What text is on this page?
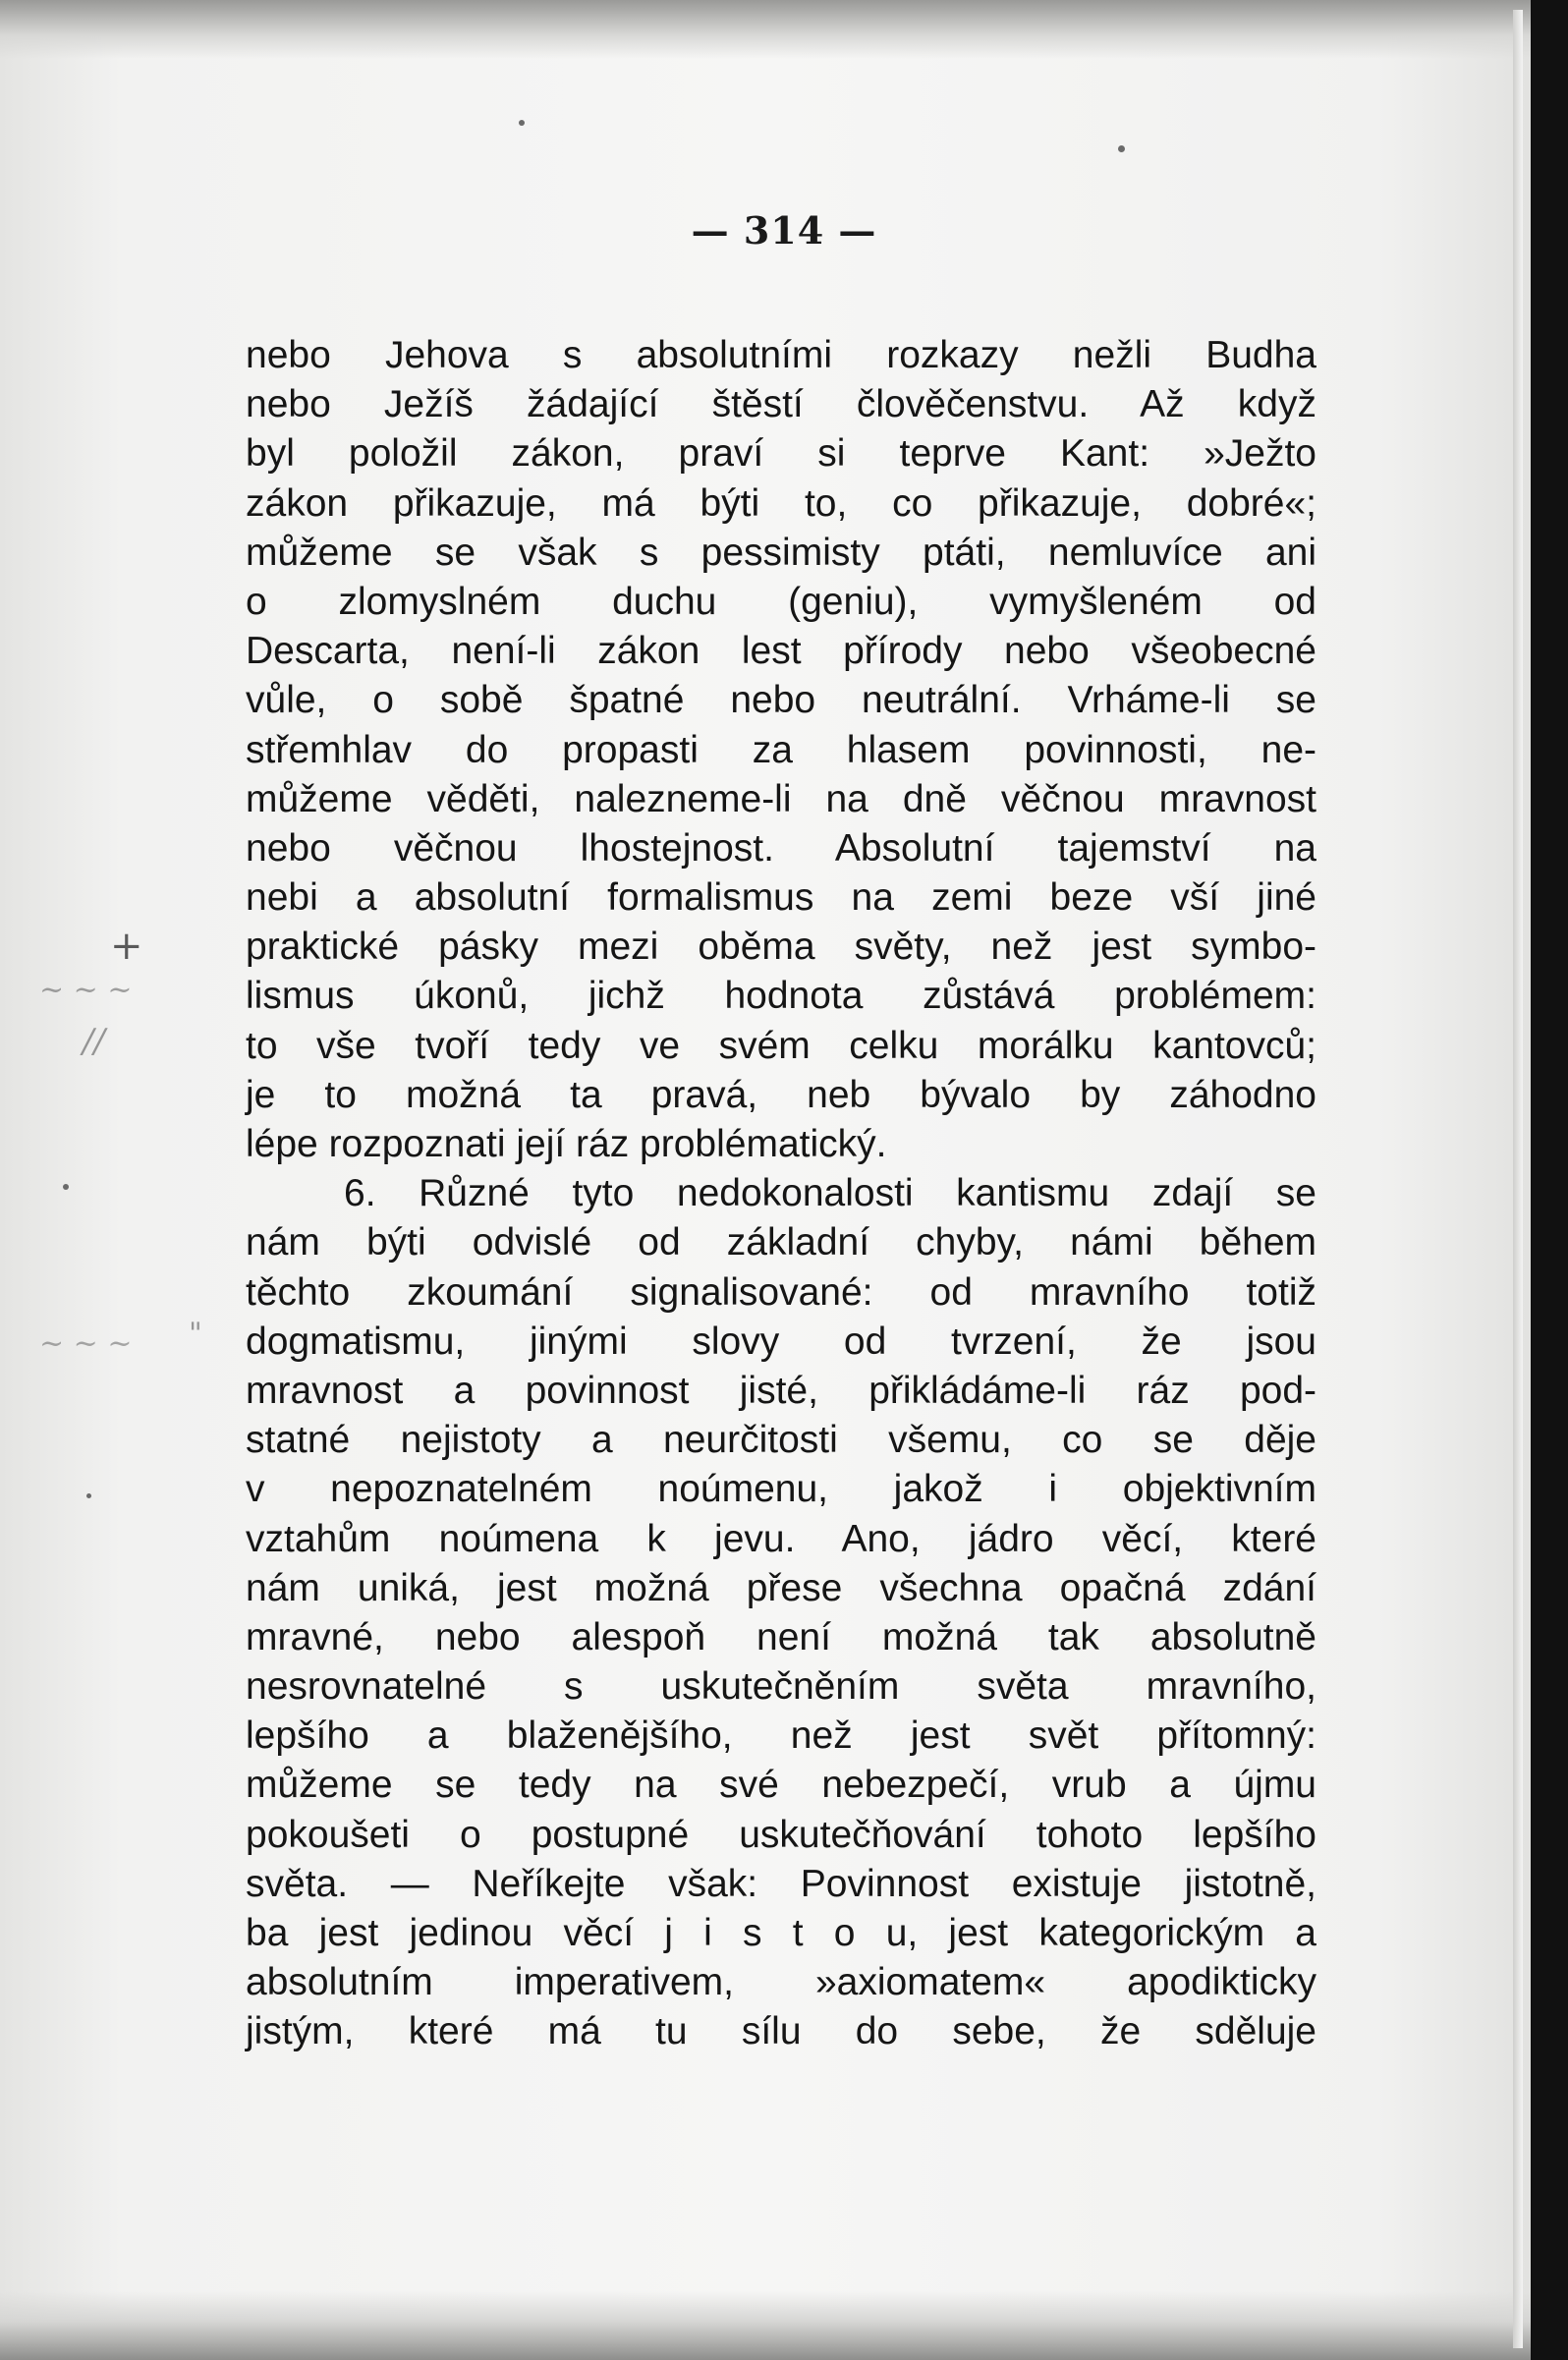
+
~ ~ ~
//
~ ~ ~ "
— 314 —
nebo Jehova s absolutními rozkazy nežli Budha
nebo Ježíš žádající štěstí člověčenstvu. Až když
byl položil zákon, praví si teprve Kant: »Ježto
zákon přikazuje, má býti to, co přikazuje, dobré«;
můžeme se však s pessimisty ptáti, nemluvíce ani
o zlomyslném duchu (geniu), vymyšleném od
Descarta, není-li zákon lest přírody nebo všeobecné
vůle, o sobě špatné nebo neutrální. Vrháme-li se
střemhlav do propasti za hlasem povinnosti, ne-
můžeme věděti, nalezneme-li na dně věčnou mravnost
nebo věčnou lhostejnost. Absolutní tajemství na
nebi a absolutní formalismus na zemi beze vší jiné
praktické pásky mezi oběma světy, než jest symbo-
lismus úkonů, jichž hodnota zůstává problémem:
to vše tvoří tedy ve svém celku morálku kantovců;
je to možná ta pravá, neb bývalo by záhodno
lépe rozpoznati její ráz problématický.
6. Různé tyto nedokonalosti kantismu zdají se
nám býti odvislé od základní chyby, námi během
těchto zkoumání signalisované: od mravního totiž
dogmatismu, jinými slovy od tvrzení, že jsou
mravnost a povinnost jisté, přikládáme-li ráz pod-
statné nejistoty a neurčitosti všemu, co se děje
v nepoznatelném noúmenu, jakož i objektivním
vztahům noúmena k jevu. Ano, jádro věcí, které
nám uniká, jest možná přese všechna opačná zdání
mravné, nebo alespoň není možná tak absolutně
nesrovnatelné s uskutečněním světa mravního,
lepšího a blaženějšího, než jest svět přítomný:
můžeme se tedy na své nebezpečí, vrub a újmu
pokoušeti o postupné uskutečňování tohoto lepšího
světa. — Neříkejte však: Povinnost existuje jistotně,
ba jest jedinou věcí j i s t o u, jest kategorickým a
absolutním imperativem, »axiomatem« apodikticky
jistým, které má tu sílu do sebe, že sděluje
